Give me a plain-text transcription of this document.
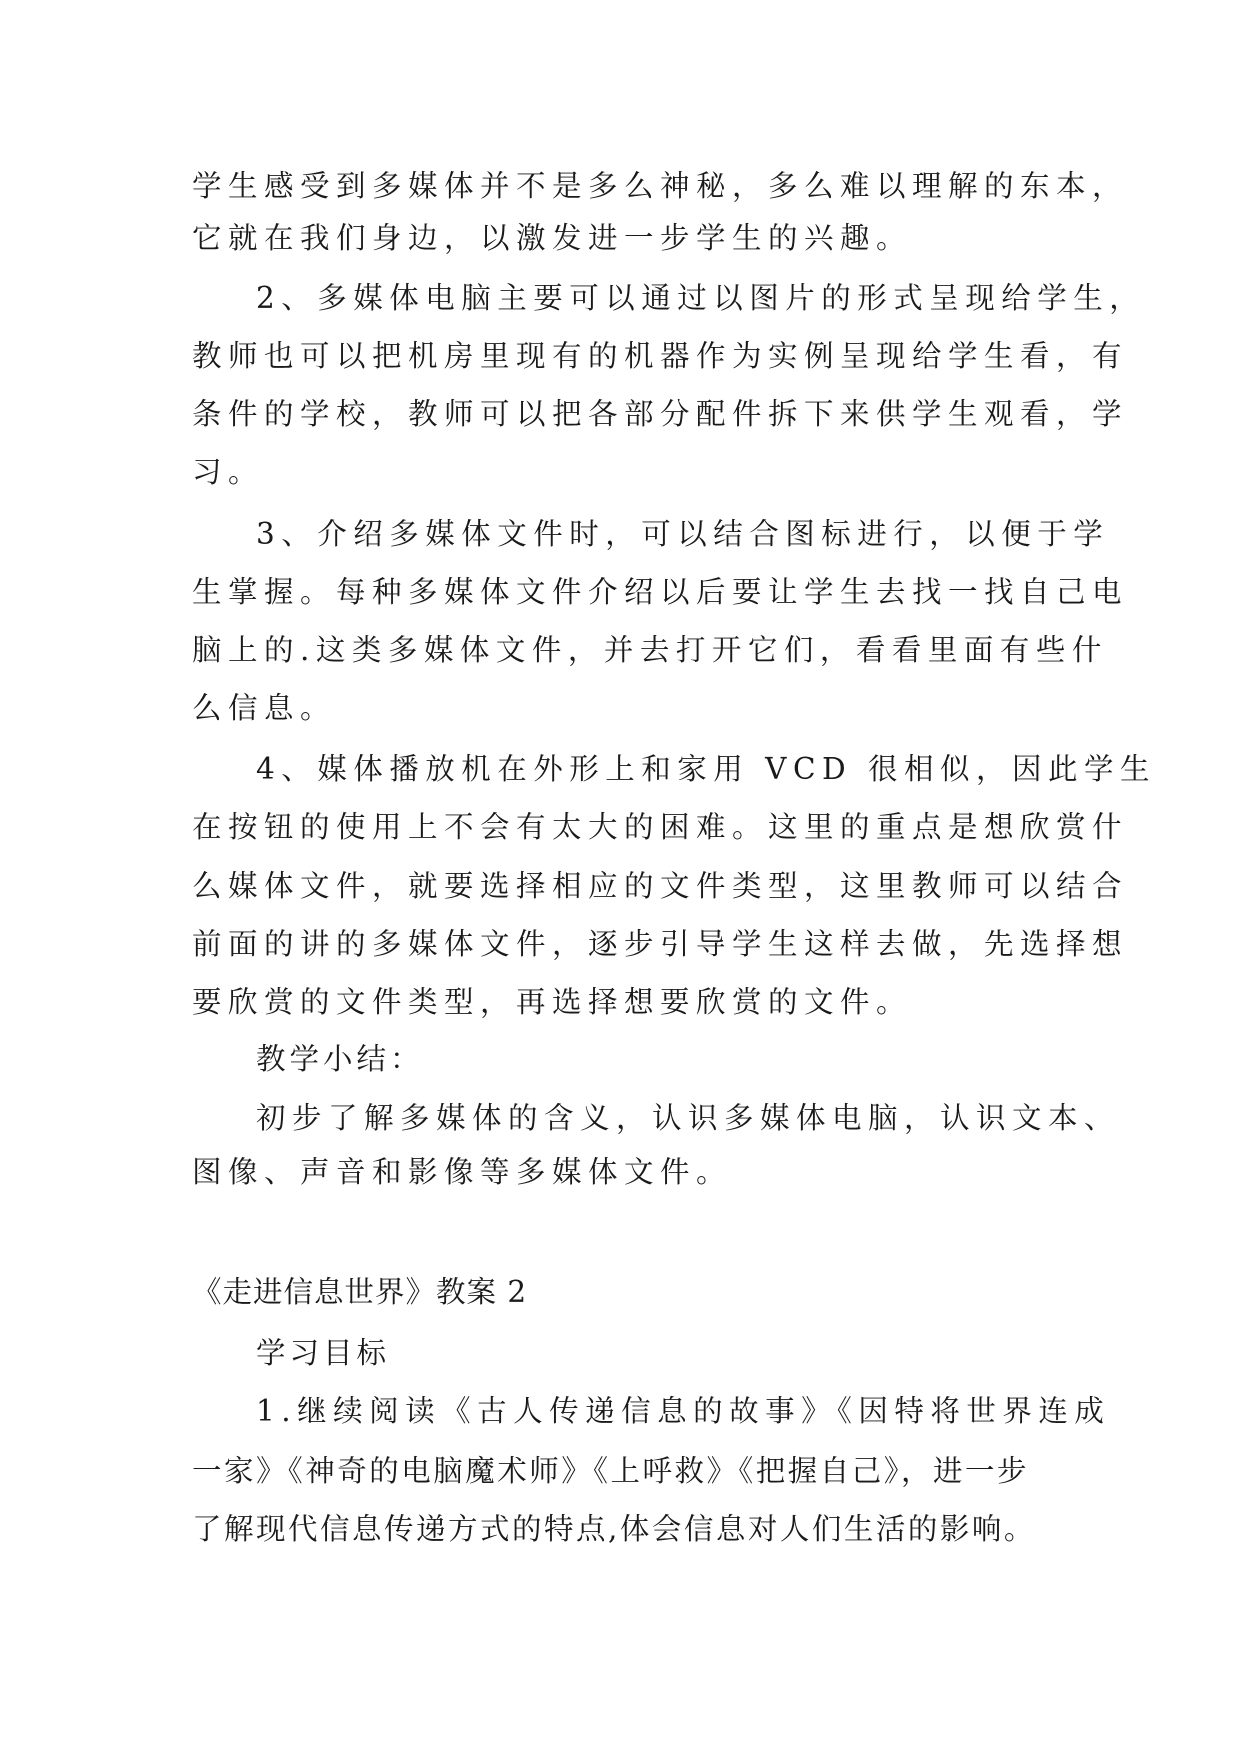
学生感受到多媒体并不是多么神秘，多么难以理解的东本，
它就在我们身边，以激发进一步学生的兴趣。
2、多媒体电脑主要可以通过以图片的形式呈现给学生，
教师也可以把机房里现有的机器作为实例呈现给学生看，有
条件的学校，教师可以把各部分配件拆下来供学生观看，学
习。
3、介绍多媒体文件时，可以结合图标进行，以便于学
生掌握。每种多媒体文件介绍以后要让学生去找一找自己电
脑上的.这类多媒体文件，并去打开它们，看看里面有些什
么信息。
4、媒体播放机在外形上和家用 VCD 很相似，因此学生
在按钮的使用上不会有太大的困难。这里的重点是想欣赏什
么媒体文件，就要选择相应的文件类型，这里教师可以结合
前面的讲的多媒体文件，逐步引导学生这样去做，先选择想
要欣赏的文件类型，再选择想要欣赏的文件。
教学小结：
初步了解多媒体的含义，认识多媒体电脑，认识文本、
图像、声音和影像等多媒体文件。
《走进信息世界》教案 2
学习目标
1.继续阅读《古人传递信息的故事》《因特将世界连成
一家》《神奇的电脑魔术师》《上呼救》《把握自己》，进一步
了解现代信息传递方式的特点,体会信息对人们生活的影响。
